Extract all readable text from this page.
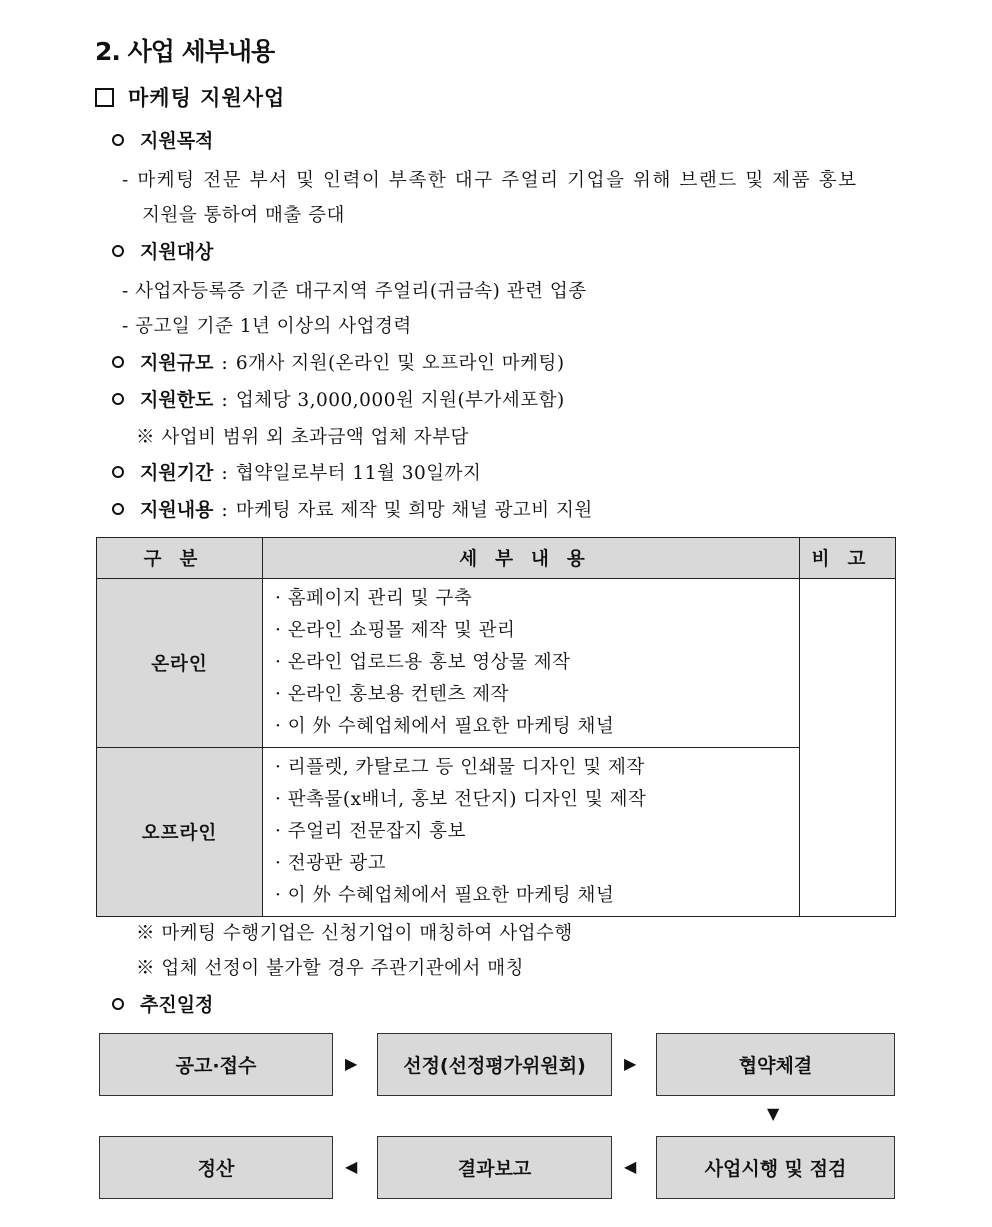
2. 사업 세부내용
마케팅 지원사업
지원목적
- 마케팅 전문 부서 및 인력이 부족한 대구 주얼리 기업을 위해 브랜드 및 제품 홍보
지원을 통하여 매출 증대
지원대상
- 사업자등록증 기준 대구지역 주얼리(귀금속) 관련 업종
- 공고일 기준 1년 이상의 사업경력
지원규모 : 6개사 지원(온라인 및 오프라인 마케팅)
지원한도 : 업체당 3,000,000원 지원(부가세포함)
※ 사업비 범위 외 초과금액 업체 자부담
지원기간 : 협약일로부터 11월 30일까지
지원내용 : 마케팅 자료 제작 및 희망 채널 광고비 지원
구분	세부내용	비고
온라인	· 홈페이지 관리 및 구축
· 온라인 쇼핑몰 제작 및 관리
· 온라인 업로드용 홍보 영상물 제작
· 온라인 홍보용 컨텐츠 제작
· 이 外 수혜업체에서 필요한 마케팅 채널	

오프라인	· 리플렛, 카탈로그 등 인쇄물 디자인 및 제작
· 판촉물(x배너, 홍보 전단지) 디자인 및 제작
· 주얼리 전문잡지 홍보
· 전광판 광고
· 이 外 수혜업체에서 필요한 마케팅 채널	
※ 마케팅 수행기업은 신청기업이 매칭하여 사업수행
※ 업체 선정이 불가할 경우 주관기관에서 매칭
추진일정
공고·접수	▶	선정(선정평가위원회)	▶	협약체결
▼
정산	◀	결과보고	◀	사업시행 및 점검
